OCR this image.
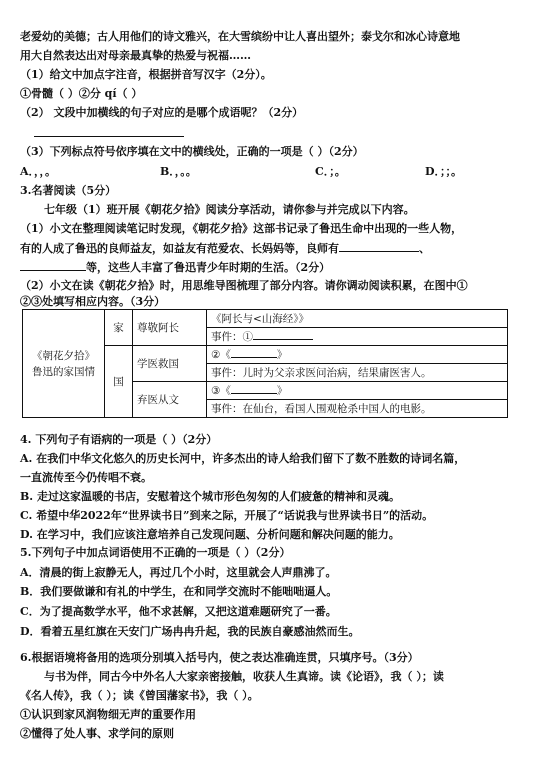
老爱幼的美德；古人用他们的诗文雅兴，在大雪缤纷中让人喜出望外；泰戈尔和冰心诗意地
用大自然表达出对母亲最真挚的热爱与祝福……
（1）给文中加点字注音，根据拼音写汉字（2分）。
①骨髓（ ）②分 qí（ ）
（2） 文段中加横线的句子对应的是哪个成语呢？（2分）
（3）下列标点符号依序填在文中的横线处，正确的一项是（ ）（2分）
A．，，。	B．，。。	C．；。	D．；；。
3.名著阅读（5分）
七年级（1）班开展《朝花夕拾》阅读分享活动，请你参与并完成以下内容。
（1）小文在整理阅读笔记时发现，《朝花夕拾》这部书记录了鲁迅生命中出现的一些人物，
有的人成了鲁迅的良师益友，如益友有范爱农、长妈妈等，良师有	、
等，这些人丰富了鲁迅青少年时期的生活。（2分）
（2）小文在读《朝花夕拾》时，用思维导图梳理了部分内容。请你调动阅读积累，在图中①
②③处填写相应内容。（3分）
《朝花夕拾》
鲁迅的家国情	家	尊敬阿长	《阿长与<山海经》》
			事件：①
	国	学医救国	②《 》
			事件：儿时为父亲求医问治病，结果庸医害人。
		弃医从文	③《 》
			事件：在仙台，看国人围观枪杀中国人的电影。
4. 下列句子有语病的一项是（ ）（2分）
A. 在我们中华文化悠久的历史长河中，许多杰出的诗人给我们留下了数不胜数的诗词名篇，
一直流传至今仍传唱不衰。
B. 走过这家温暖的书店，安慰着这个城市形色匆匆的人们疲惫的精神和灵魂。
C. 希望中华2022年“世界读书日”到来之际，开展了“话说我与世界读书日”的活动。
D. 在学习中，我们应该注意培养自己发现问题、分析问题和解决问题的能力。
5.下列句子中加点词语使用不正确的一项是（ ）（2分）
A．清晨的街上寂静无人，再过几个小时，这里就会人声鼎沸了。
B．我们要做谦和有礼的中学生，在和同学交流时不能咄咄逼人。
C．为了提高数学水平，他不求甚解，又把这道难题研究了一番。
D．看着五星红旗在天安门广场冉冉升起，我的民族自豪感油然而生。
6.根据语境将备用的选项分别填入括号内，使之表达准确连贯，只填序号。（3分）
与书为伴，同古今中外名人大家亲密接触，收获人生真谛。读《论语》，我（ ）；读
《名人传》，我（ ）；读《曾国藩家书》，我（ ）。
①认识到家风润物细无声的重要作用
②懂得了处人事、求学问的原则
